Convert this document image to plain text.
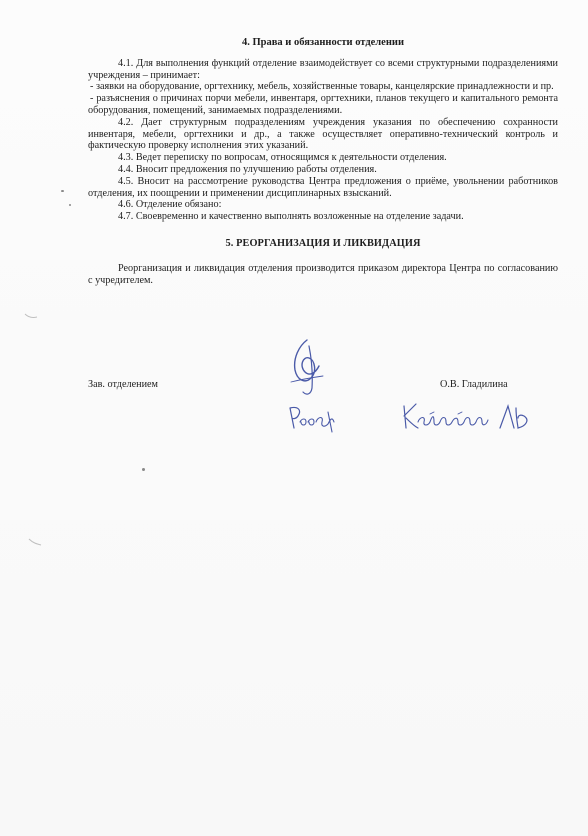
4. Права и обязанности отделении

4.1. Для выполнения функций отделение взаимодействует со всеми структурными подразделениями учреждения – принимает:

- заявки на оборудование, оргтехнику, мебель, хозяйственные товары, канцелярские принадлежности и пр.

- разъяснения о причинах порчи мебели, инвентаря, оргтехники, планов текущего и капитального ремонта оборудования, помещений, занимаемых подразделениями.

4.2. Дает структурным подразделениям учреждения указания по обеспечению сохранности инвентаря, мебели, оргтехники и др., а также осуществляет оперативно-технический контроль и фактическую проверку исполнения этих указаний.

4.3. Ведет переписку по вопросам, относящимся к деятельности отделения.

4.4. Вносит предложения по улучшению работы отделения.

4.5. Вносит на рассмотрение руководства Центра предложения о приёме, увольнении работников отделения, их поощрении и применении дисциплинарных взысканий.

4.6. Отделение обязано:

4.7. Своевременно и качественно выполнять возложенные на отделение задачи.

5. РЕОРГАНИЗАЦИЯ И ЛИКВИДАЦИЯ

Реорганизация и ликвидация отделения производится приказом директора Центра по согласованию с учредителем.

Зав. отделением	О.В. Гладилина
